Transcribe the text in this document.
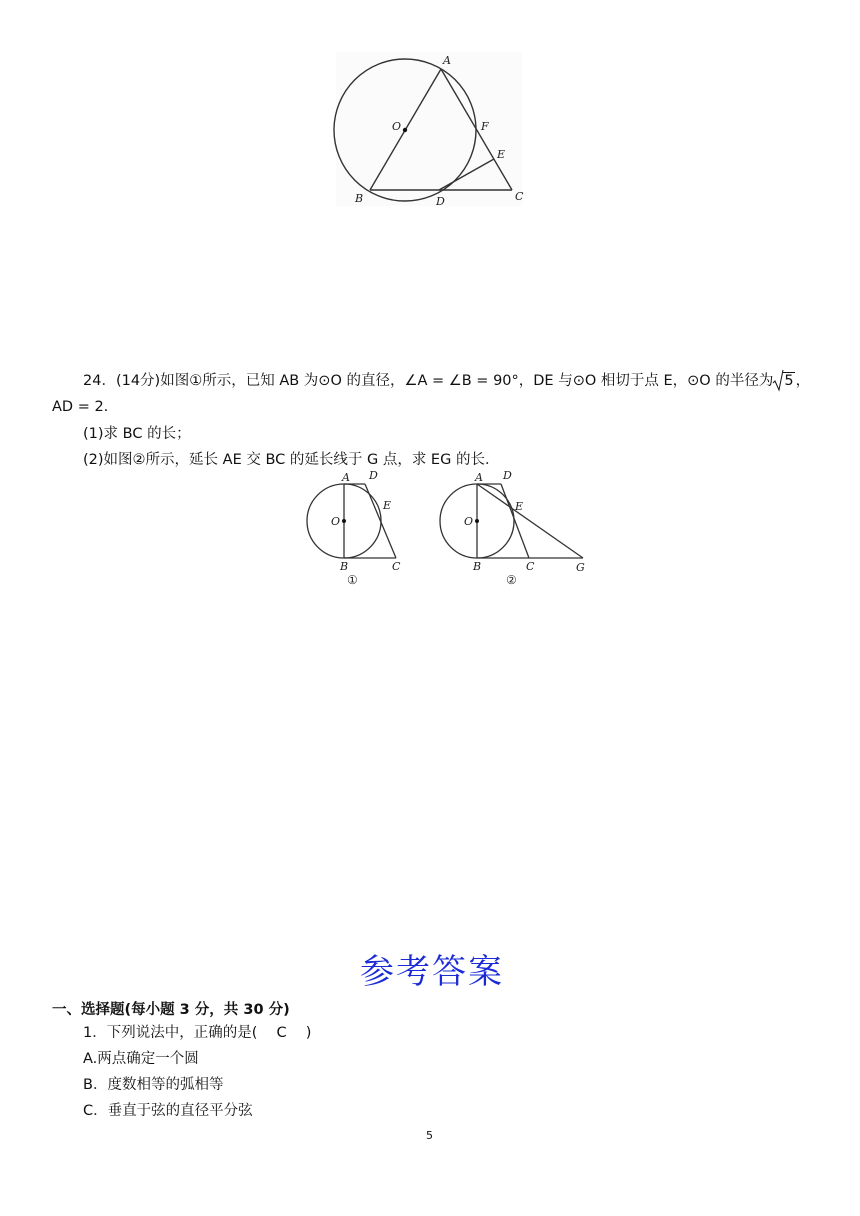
A
O	F
E
B	D	C
24．(14分)如图①所示，已知 AB 为⊙O 的直径，∠A = ∠B = 90°，DE 与⊙O 相切于点 E，⊙O 的半径为 5 ，
AD = 2.
(1)求 BC 的长；
(2)如图②所示，延长 AE 交 BC 的延长线于 G 点，求 EG 的长．
A D
E
O
B	C
①
A D
E
O
B	C	G
②
参考答案
一、选择题(每小题 3 分，共 30 分)
1．下列说法中，正确的是(　 C　 )
A.两点确定一个圆
B．度数相等的弧相等
C．垂直于弦的直径平分弦
5
